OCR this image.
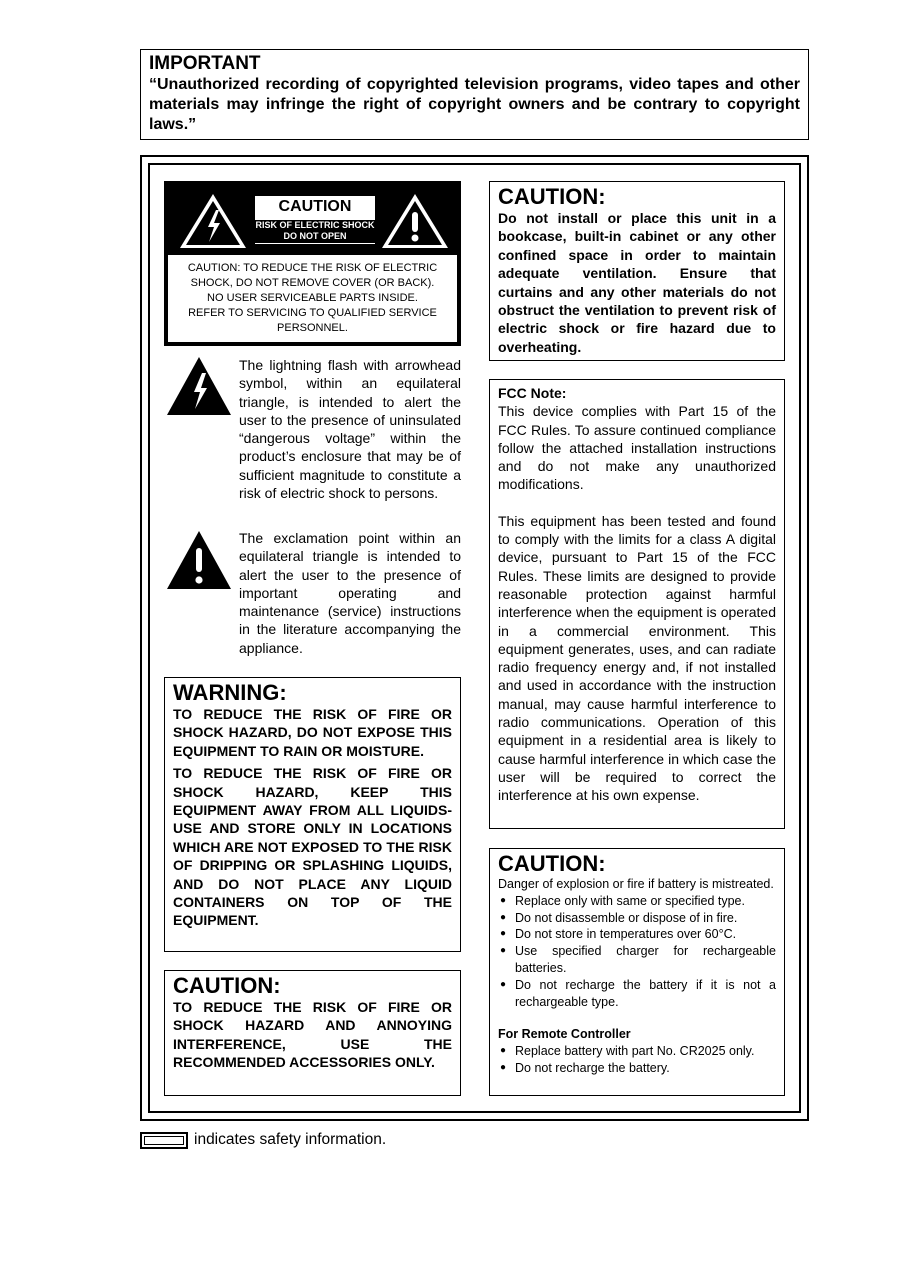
IMPORTANT
“Unauthorized recording of copyrighted television programs, video tapes and other materials may infringe the right of copyright owners and be contrary to copyright laws.”
CAUTION
RISK OF ELECTRIC SHOCK
DO NOT OPEN
CAUTION: TO REDUCE THE RISK OF ELECTRIC
SHOCK, DO NOT REMOVE COVER (OR BACK).
NO USER SERVICEABLE PARTS INSIDE.
REFER TO SERVICING TO QUALIFIED SERVICE
PERSONNEL.
The lightning flash with arrowhead symbol, within an equilateral triangle, is intended to alert the user to the presence of uninsulated “dangerous voltage” within the product’s enclosure that may be of sufficient magnitude to constitute a risk of electric shock to persons.
The exclamation point within an equilateral triangle is intended to alert the user to the presence of important operating and maintenance (service) instructions in the literature accompanying the appliance.
WARNING:
TO REDUCE THE RISK OF FIRE OR SHOCK HAZARD, DO NOT EXPOSE THIS EQUIPMENT TO RAIN OR MOISTURE.
TO REDUCE THE RISK OF FIRE OR SHOCK HAZARD, KEEP THIS EQUIPMENT AWAY FROM ALL LIQUIDS-USE AND STORE ONLY IN LOCATIONS WHICH ARE NOT EXPOSED TO THE RISK OF DRIPPING OR SPLASHING LIQUIDS, AND DO NOT PLACE ANY LIQUID CONTAINERS ON TOP OF THE EQUIPMENT.
CAUTION:
TO REDUCE THE RISK OF FIRE OR SHOCK HAZARD AND ANNOYING INTERFERENCE, USE THE RECOMMENDED ACCESSORIES ONLY.
CAUTION:
Do not install or place this unit in a bookcase, built-in cabinet or any other confined space in order to maintain adequate ventilation. Ensure that curtains and any other materials do not obstruct the ventilation to prevent risk of electric shock or fire hazard due to overheating.
FCC Note:
This device complies with Part 15 of the FCC Rules. To assure continued compliance follow the attached installation instructions and do not make any unauthorized modifications.
This equipment has been tested and found to comply with the limits for a class A digital device, pursuant to Part 15 of the FCC Rules. These limits are designed to provide reasonable protection against harmful interference when the equipment is operated in a commercial environment. This equipment generates, uses, and can radiate radio frequency energy and, if not installed and used in accordance with the instruction manual, may cause harmful interference to radio communications. Operation of this equipment in a residential area is likely to cause harmful interference in which case the user will be required to correct the interference at his own expense.
CAUTION:
Danger of explosion or fire if battery is mistreated.
● Replace only with same or specified type.
● Do not disassemble or dispose of in fire.
● Do not store in temperatures over 60°C.
● Use specified charger for rechargeable batteries.
● Do not recharge the battery if it is not a rechargeable type.
For Remote Controller
● Replace battery with part No. CR2025 only.
● Do not recharge the battery.
indicates safety information.
